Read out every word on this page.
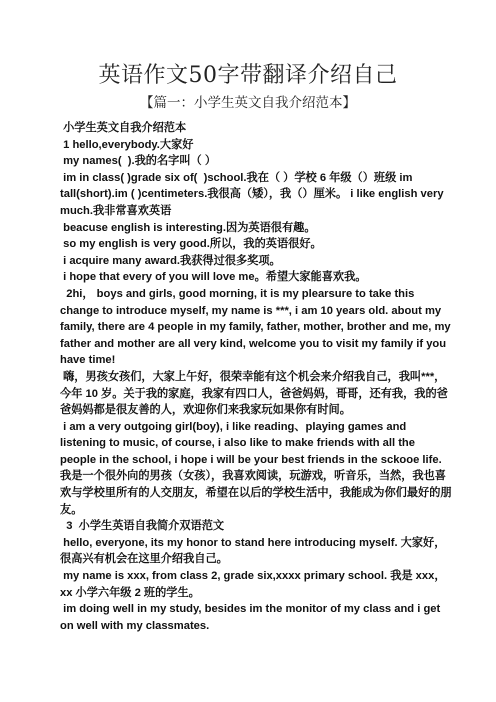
英语作文50字带翻译介绍自己
【篇一：小学生英文自我介绍范本】

小学生英文自我介绍范本

1 hello,everybody.大家好

my names(  ).我的名字叫（ ）

im in class( )grade six of(  )school.我在（ ）学校 6 年级（）班级 im tall(short).im ( )centimeters.我很高（矮），我（）厘米。 i like english very much.我非常喜欢英语

beacuse english is interesting.因为英语很有趣。

so my english is very good.所以，我的英语很好。

i acquire many award.我获得过很多奖项。

i hope that every of you will love me。希望大家能喜欢我。

2hi， boys and girls, good morning, it is my plearsure to take this change to introduce myself, my name is ***, i am 10 years old. about my family, there are 4 people in my family, father, mother, brother and me, my father and mother are all very kind, welcome you to visit my family if you have time!

嗨，男孩女孩们，大家上午好，很荣幸能有这个机会来介绍我自己，我叫***，今年 10 岁。关于我的家庭，我家有四口人，爸爸妈妈，哥哥，还有我，我的爸爸妈妈都是很友善的人，欢迎你们来我家玩如果你有时间。

i am a very outgoing girl(boy), i like reading、playing games and listening to music, of course, i also like to make friends with all the people in the school, i hope i will be your best friends in the sckooe life.

我是一个很外向的男孩（女孩），我喜欢阅读，玩游戏，听音乐，当然，我也喜欢与学校里所有的人交朋友，希望在以后的学校生活中，我能成为你们最好的朋友。

3  小学生英语自我简介双语范文

hello, everyone, its my honor to stand here introducing myself. 大家好， 很高兴有机会在这里介绍我自己。

my name is xxx, from class 2, grade six,xxxx primary school. 我是 xxx，xx 小学六年级 2 班的学生。

im doing well in my study, besides im the monitor of my class and i get on well with my classmates.
